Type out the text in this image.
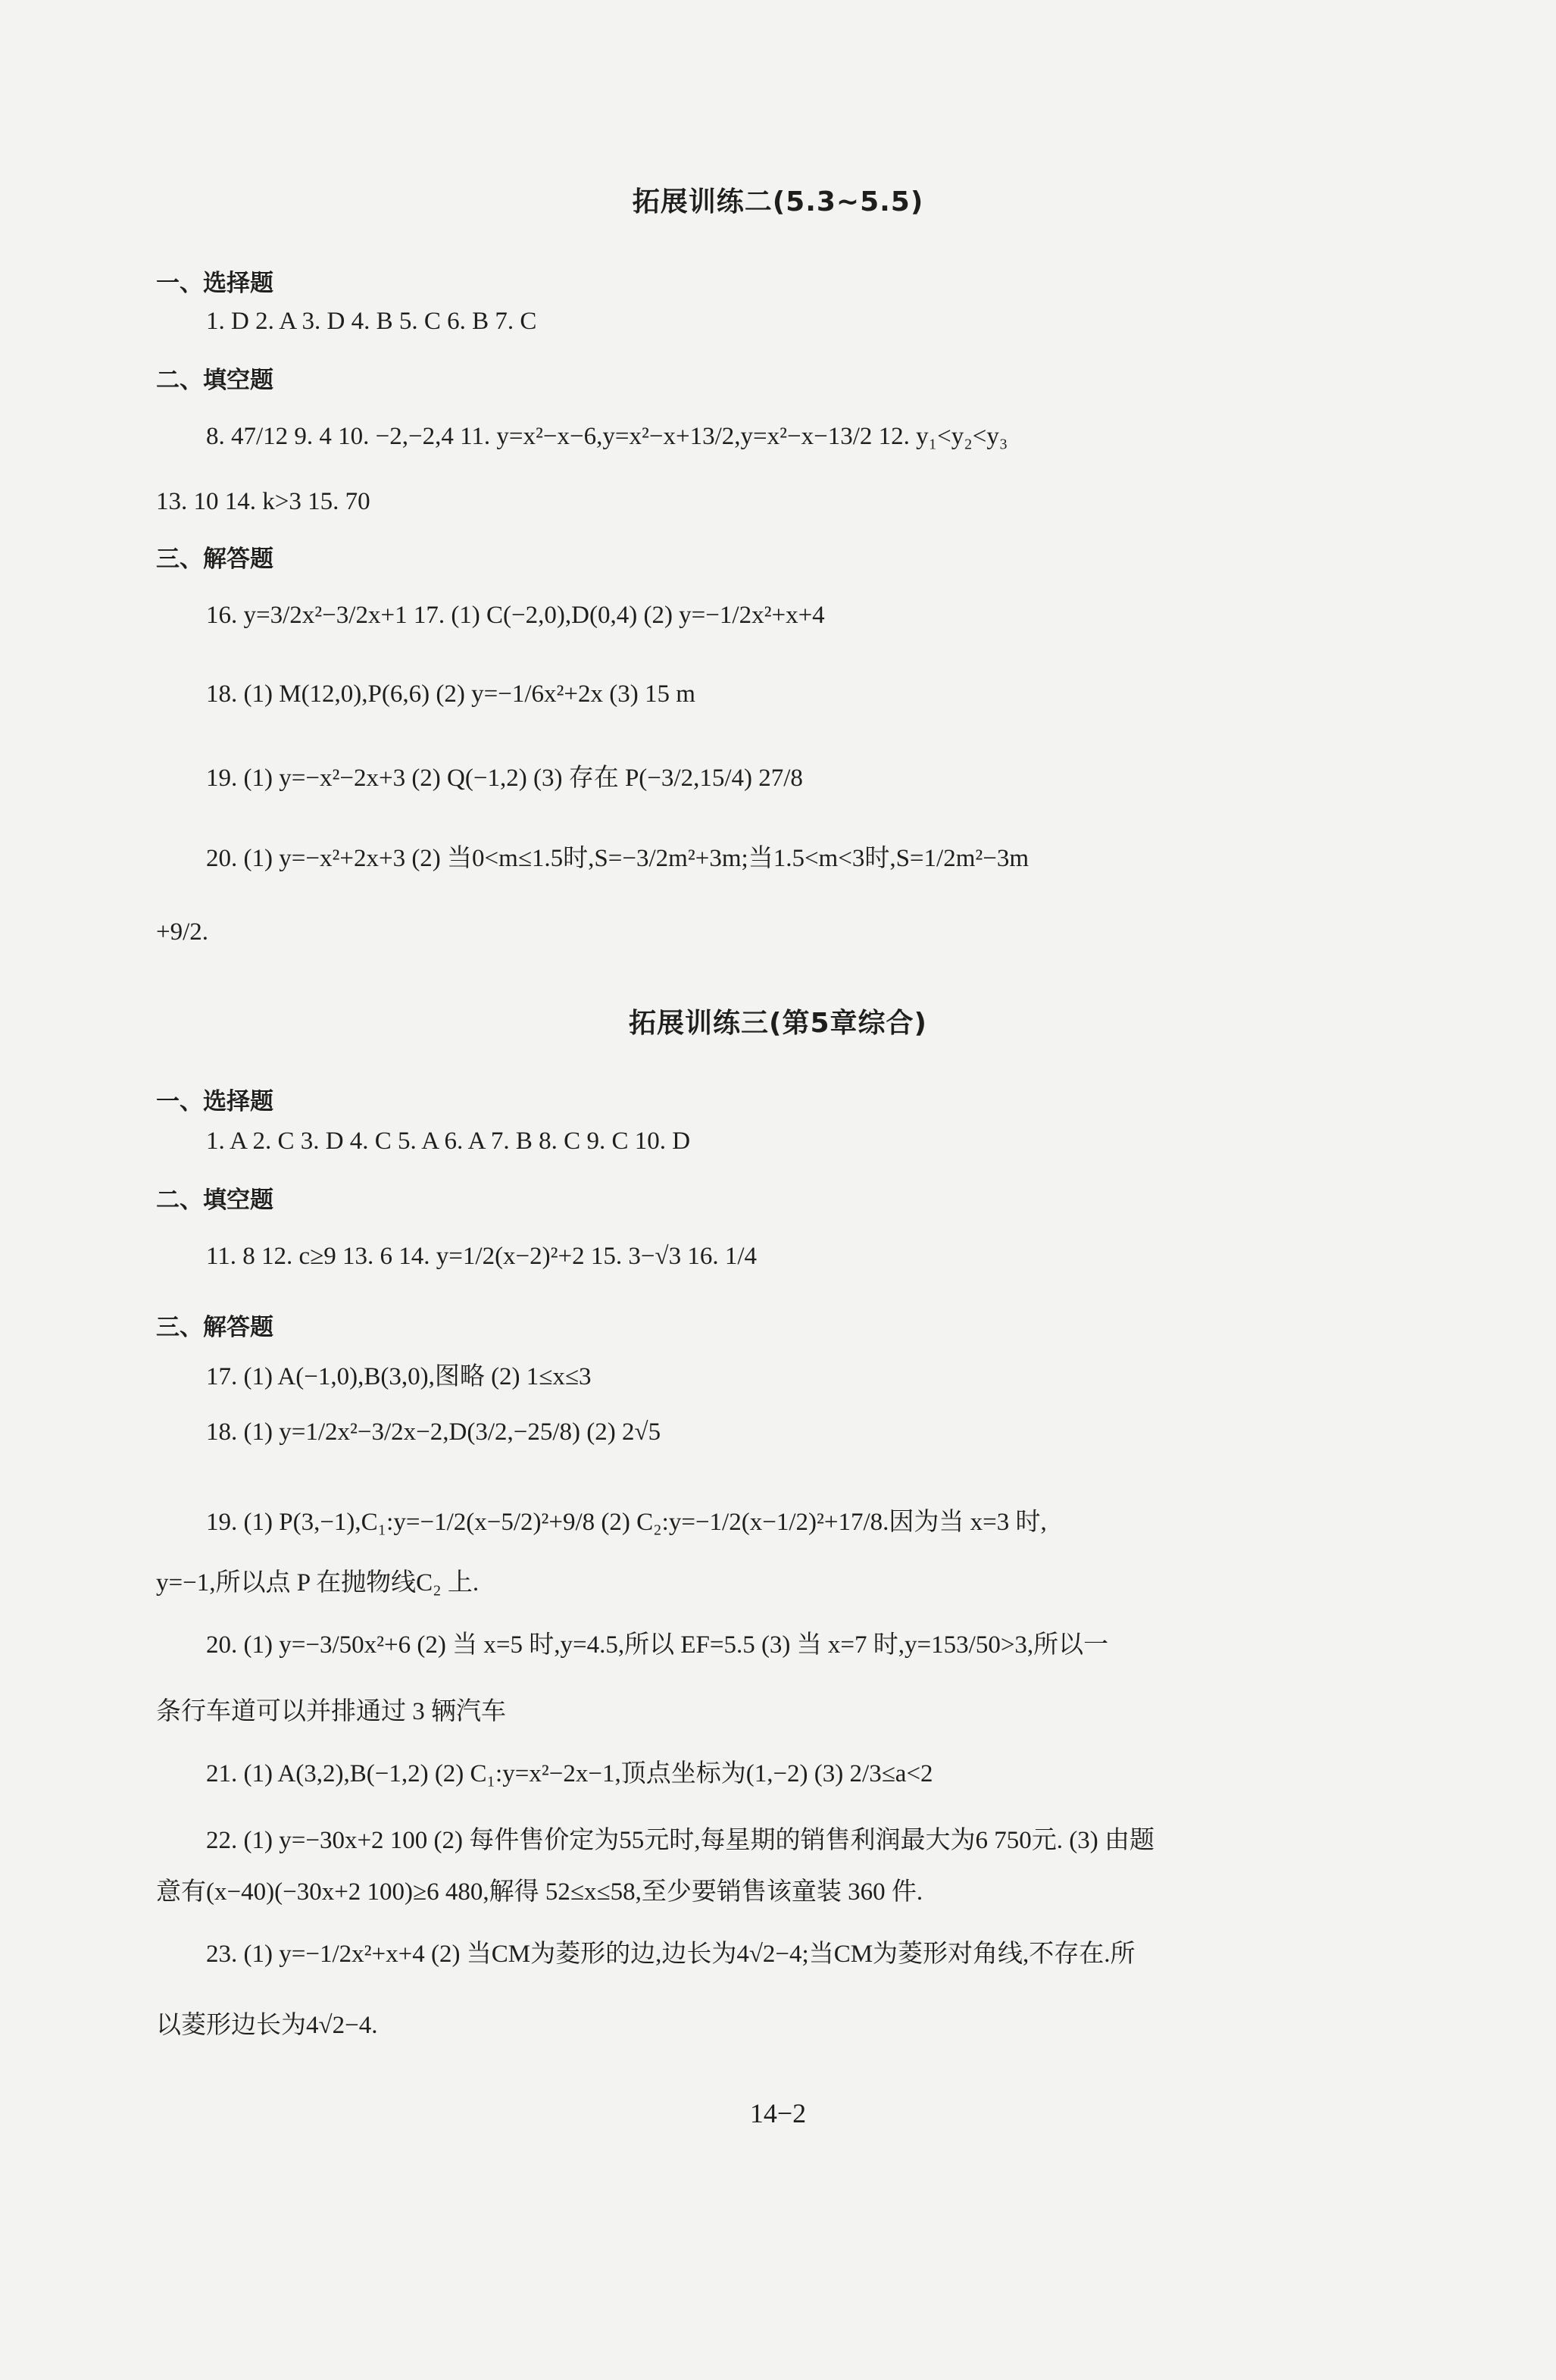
拓展训练二(5.3~5.5)
一、选择题
1. D 2. A 3. D 4. B 5. C 6. B 7. C
二、填空题
8. 47/12 9. 4 10. −2,−2,4 11. y=x²−x−6,y=x²−x+13/2,y=x²−x−13/2 12. y₁<y₂<y₃
13. 10 14. k>3 15. 70
三、解答题
16. y=3/2x²−3/2x+1 17. (1) C(−2,0),D(0,4) (2) y=−1/2x²+x+4
18. (1) M(12,0),P(6,6) (2) y=−1/6x²+2x (3) 15 m
19. (1) y=−x²−2x+3 (2) Q(−1,2) (3) 存在 P(−3/2,15/4) 27/8
20. (1) y=−x²+2x+3 (2) 当0<m≤1.5时,S=−3/2m²+3m;当1.5<m<3时,S=1/2m²−3m
+9/2.
拓展训练三(第5章综合)
一、选择题
1. A 2. C 3. D 4. C 5. A 6. A 7. B 8. C 9. C 10. D
二、填空题
11. 8 12. c≥9 13. 6 14. y=1/2(x−2)²+2 15. 3−√3 16. 1/4
三、解答题
17. (1) A(−1,0),B(3,0),图略 (2) 1≤x≤3
18. (1) y=1/2x²−3/2x−2,D(3/2,−25/8) (2) 2√5
19. (1) P(3,−1),C₁:y=−1/2(x−5/2)²+9/8 (2) C₂:y=−1/2(x−1/2)²+17/8.因为当 x=3 时,
y=−1,所以点 P 在抛物线C₂ 上.
20. (1) y=−3/50x²+6 (2) 当 x=5 时,y=4.5,所以 EF=5.5 (3) 当 x=7 时,y=153/50>3,所以一
条行车道可以并排通过 3 辆汽车
21. (1) A(3,2),B(−1,2) (2) C₁:y=x²−2x−1,顶点坐标为(1,−2) (3) 2/3≤a<2
22. (1) y=−30x+2 100 (2) 每件售价定为55元时,每星期的销售利润最大为6 750元. (3) 由题
意有(x−40)(−30x+2 100)≥6 480,解得 52≤x≤58,至少要销售该童装 360 件.
23. (1) y=−1/2x²+x+4 (2) 当CM为菱形的边,边长为4√2−4;当CM为菱形对角线,不存在.所
以菱形边长为4√2−4.
14−2
